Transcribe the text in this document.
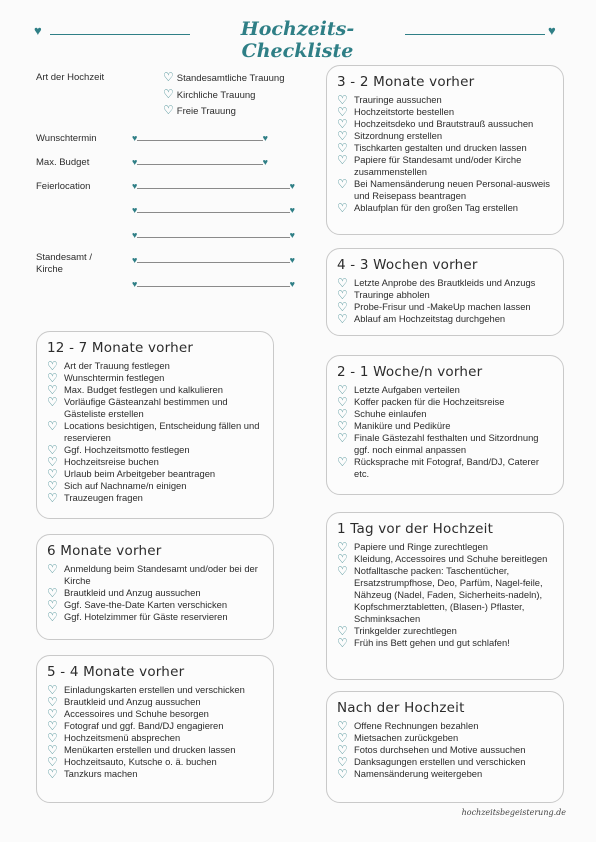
♥	Hochzeits-Checkliste
♥
Art der Hochzeit	♡ Standesamtliche Trauung
♡ Kirchliche Trauung
♡ Freie Trauung
Wunschtermin
♥ ♥
Max. Budget
♥ ♥
Feierlocation
♥ ♥
♥ ♥
♥ ♥
Standesamt / Kirche
♥ ♥
♥ ♥
3 - 2 Monate vorher
♡ Trauringe aussuchen
♡ Hochzeitstorte bestellen
♡ Hochzeitsdeko und Brautstrauß aussuchen
♡ Sitzordnung erstellen
♡ Tischkarten gestalten und drucken lassen
♡ Papiere für Standesamt und/oder Kirche zusammenstellen
♡ Bei Namensänderung neuen Personal-ausweis und Reisepass beantragen
♡ Ablaufplan für den großen Tag erstellen
4 - 3 Wochen vorher
♡ Letzte Anprobe des Brautkleids und Anzugs
♡ Trauringe abholen
♡ Probe-Frisur und -MakeUp machen lassen
♡ Ablauf am Hochzeitstag durchgehen
12 - 7 Monate vorher
♡ Art der Trauung festlegen
♡ Wunschtermin festlegen
♡ Max. Budget festlegen und kalkulieren
♡ Vorläufige Gästeanzahl bestimmen und Gästeliste erstellen
♡ Locations besichtigen, Entscheidung fällen und reservieren
♡ Ggf. Hochzeitsmotto festlegen
♡ Hochzeitsreise buchen
♡ Urlaub beim Arbeitgeber beantragen
♡ Sich auf Nachname/n einigen
♡ Trauzeugen fragen
2 - 1 Woche/n vorher
♡ Letzte Aufgaben verteilen
♡ Koffer packen für die Hochzeitsreise
♡ Schuhe einlaufen
♡ Maniküre und Pediküre
♡ Finale Gästezahl festhalten und Sitzordnung ggf. noch einmal anpassen
♡ Rücksprache mit Fotograf, Band/DJ, Caterer etc.
6 Monate vorher
♡ Anmeldung beim Standesamt und/oder bei der Kirche
♡ Brautkleid und Anzug aussuchen
♡ Ggf. Save-the-Date Karten verschicken
♡ Ggf. Hotelzimmer für Gäste reservieren
1 Tag vor der Hochzeit
♡ Papiere und Ringe zurechtlegen
♡ Kleidung, Accessoires und Schuhe bereitlegen
♡ Notfalltasche packen: Taschentücher, Ersatzstrumpfhose, Deo, Parfüm, Nagel-feile, Nähzeug (Nadel, Faden, Sicherheits-nadeln), Kopfschmerztabletten, (Blasen-) Pflaster, Schminksachen
♡ Trinkgelder zurechtlegen
♡ Früh ins Bett gehen und gut schlafen!
5 - 4 Monate vorher
♡ Einladungskarten erstellen und verschicken
♡ Brautkleid und Anzug aussuchen
♡ Accessoires und Schuhe besorgen
♡ Fotograf und ggf. Band/DJ engagieren
♡ Hochzeitsmenü absprechen
♡ Menükarten erstellen und drucken lassen
♡ Hochzeitsauto, Kutsche o. ä. buchen
♡ Tanzkurs machen
Nach der Hochzeit
♡ Offene Rechnungen bezahlen
♡ Mietsachen zurückgeben
♡ Fotos durchsehen und Motive aussuchen
♡ Danksagungen erstellen und verschicken
♡ Namensänderung weitergeben
hochzeitsbegeisterung.de
